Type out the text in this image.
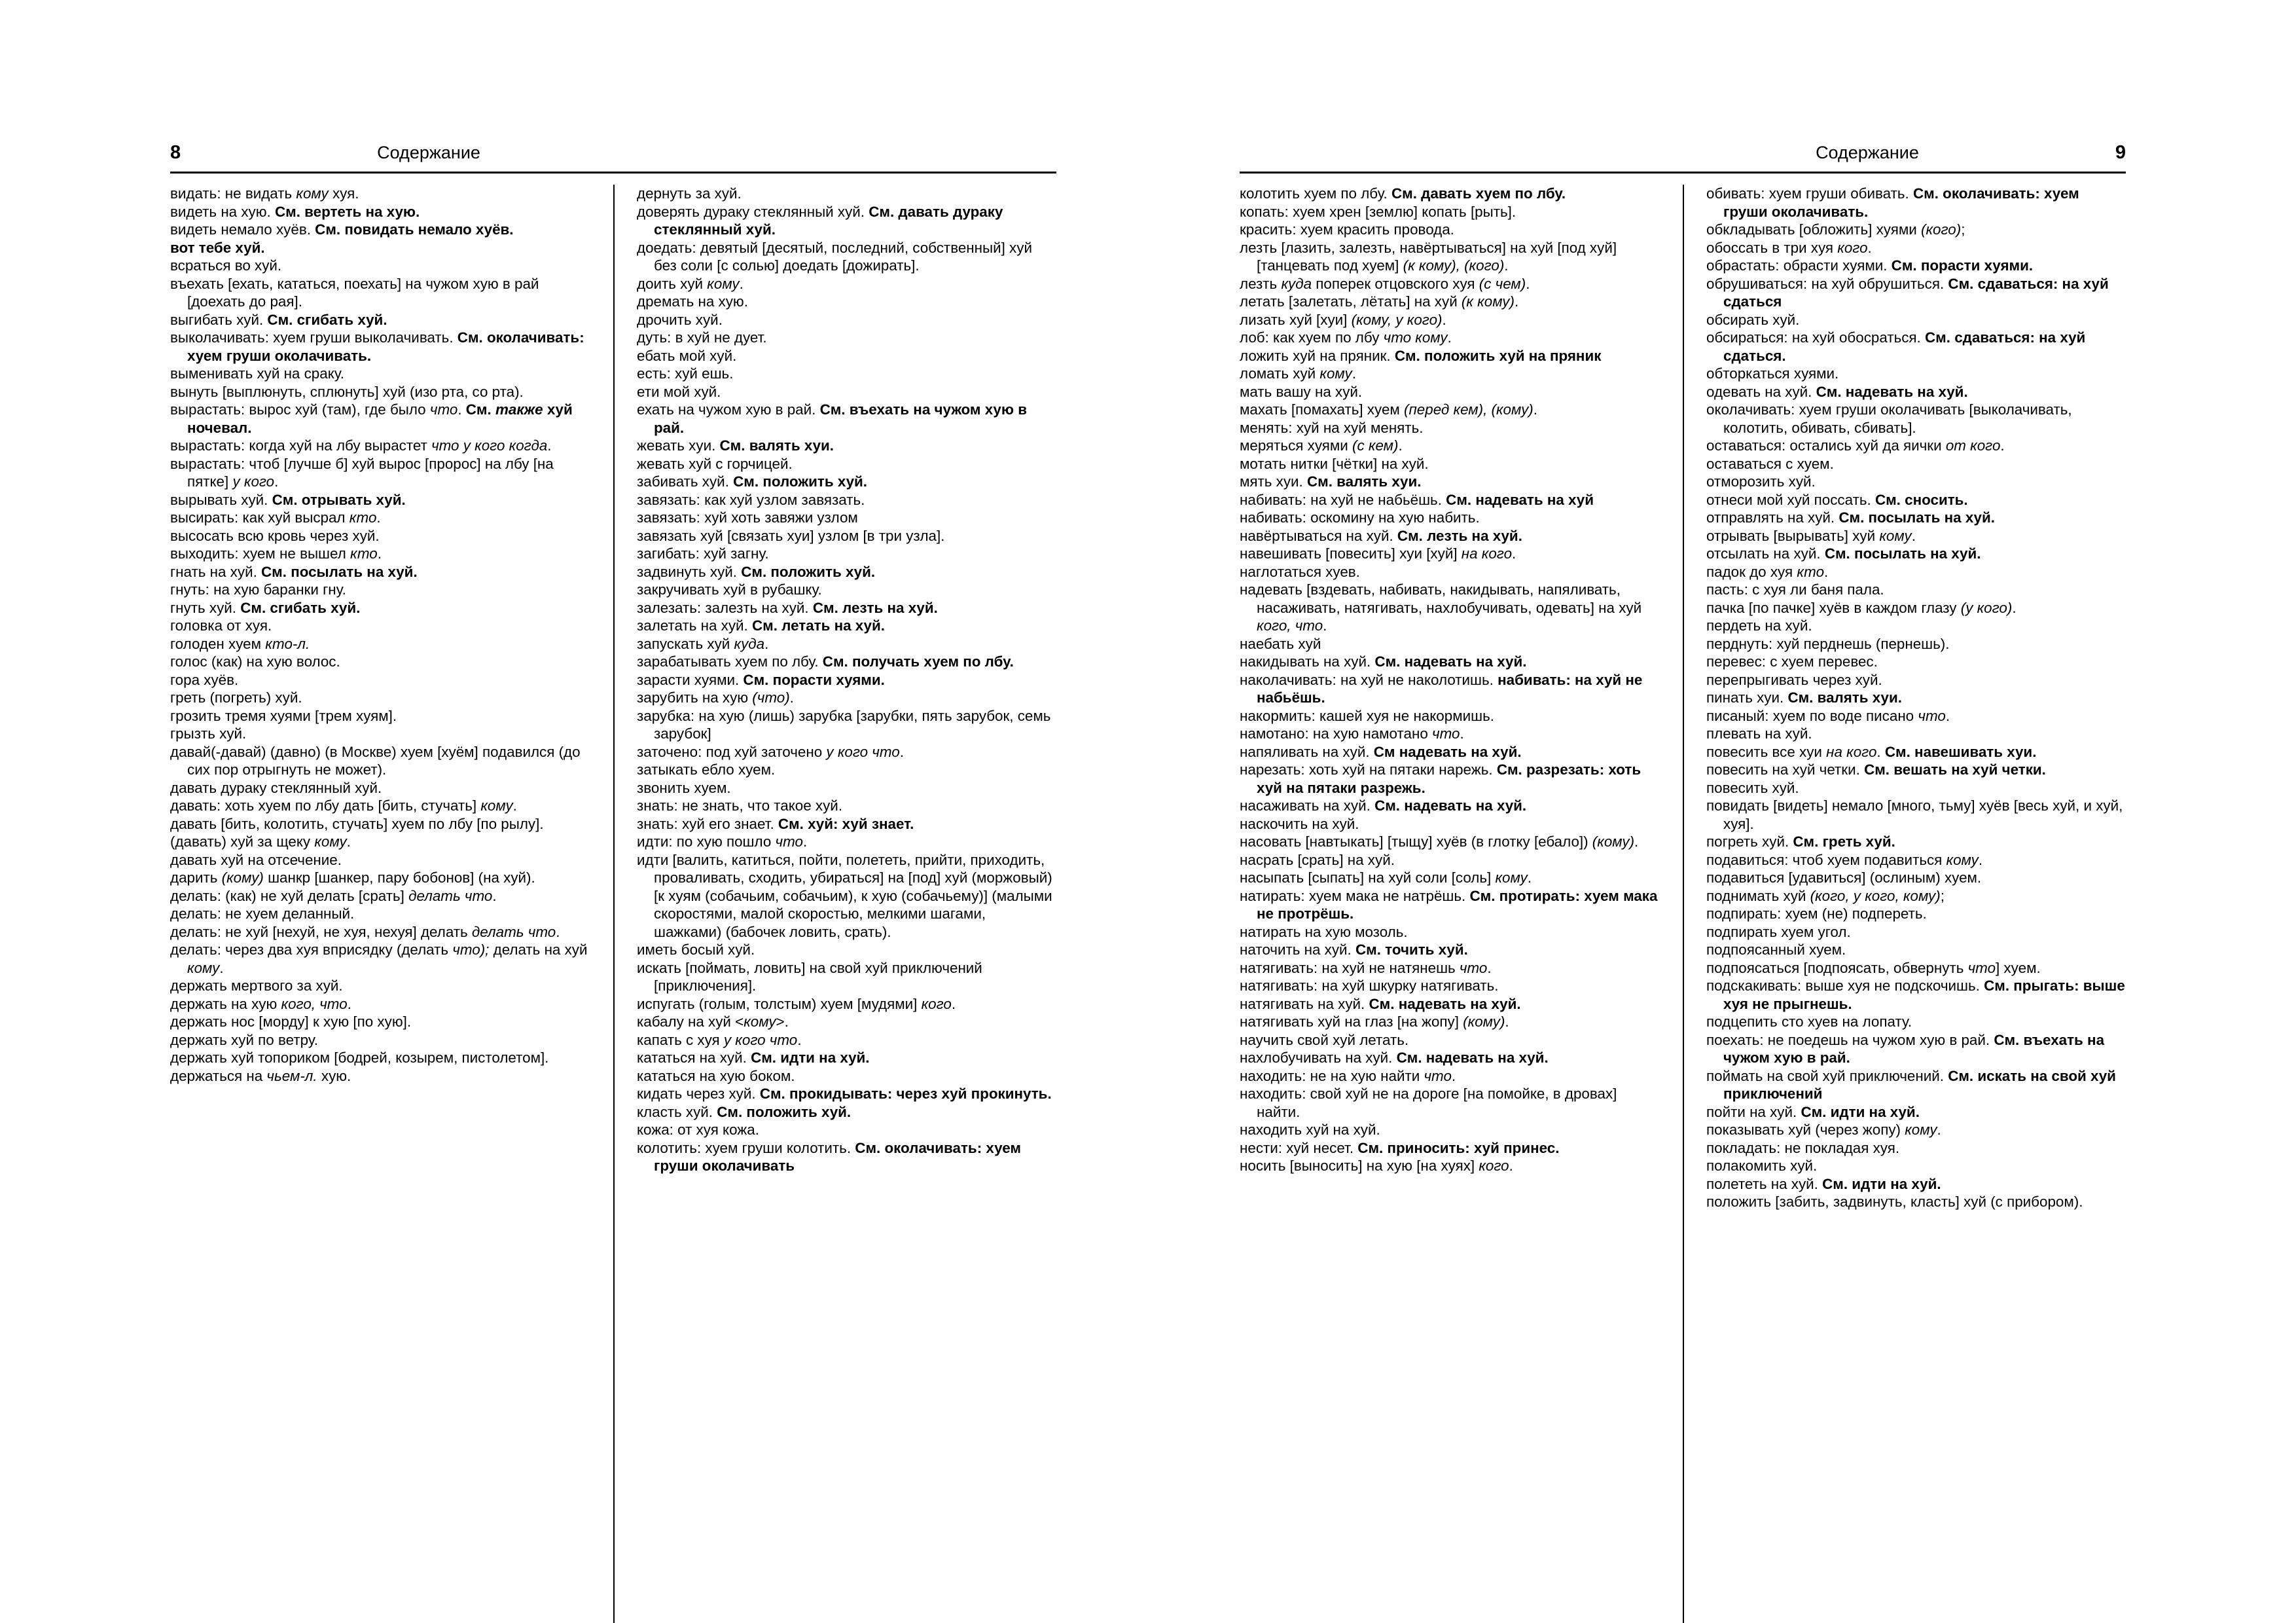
8	Содержание

видать: не видать кому хуя.

видеть на хую. См. вертеть на хую.

видеть немало хуёв. См. повидать немало хуёв.

вот тебе хуй.

всраться во хуй.

въехать [ехать, кататься, поехать] на чужом хую в рай [доехать до рая].

выгибать хуй. См. сгибать хуй.

выколачивать: хуем груши выколачивать. См. околачивать: хуем груши околачивать.

выменивать хуй на сраку.

вынуть [выплюнуть, сплюнуть] хуй (изо рта, со рта).

вырастать: вырос хуй (там), где было что. См. также хуй ночевал.

вырастать: когда хуй на лбу вырастет что у кого когда.

вырастать: чтоб [лучше б] хуй вырос [пророс] на лбу [на пятке] у кого.

вырывать хуй. См. отрывать хуй.

высирать: как хуй высрал кто.

высосать всю кровь через хуй.

выходить: хуем не вышел кто.

гнать на хуй. См. посылать на хуй.

гнуть: на хую баранки гну.

гнуть хуй. См. сгибать хуй.

головка от хуя.

голоден хуем кто-л.

голос (как) на хую волос.

гора хуёв.

греть (погреть) хуй.

грозить тремя хуями [трем хуям].

грызть хуй.

давай(-давай) (давно) (в Москве) хуем [хуём] подавился (до сих пор отрыгнуть не может).

давать дураку стеклянный хуй.

давать: хоть хуем по лбу дать [бить, стучать] кому.

давать [бить, колотить, стучать] хуем по лбу [по рылу].

(давать) хуй за щеку кому.

давать хуй на отсечение.

дарить (кому) шанкр [шанкер, пару бобонов] (на хуй).

делать: (как) не хуй делать [срать] делать что.

делать: не хуем деланный.

делать: не хуй [нехуй, не хуя, нехуя] делать делать что.

делать: через два хуя вприсядку (делать что); делать на хуй кому.

держать мертвого за хуй.

держать на хую кого, что.

держать нос [морду] к хую [по хую].

держать хуй по ветру.

держать хуй топориком [бодрей, козырем, пистолетом].

держаться на чьем-л. хую.

дернуть за хуй.

доверять дураку стеклянный хуй. См. давать дураку стеклянный хуй.

доедать: девятый [десятый, последний, собственный] хуй без соли [с солью] доедать [дожирать].

доить хуй кому.

дремать на хую.

дрочить хуй.

дуть: в хуй не дует.

ебать мой хуй.

есть: хуй ешь.

ети мой хуй.

ехать на чужом хую в рай. См. въехать на чужом хую в рай.

жевать хуи. См. валять хуи.

жевать хуй с горчицей.

забивать хуй. См. положить хуй.

завязать: как хуй узлом завязать.

завязать: хуй хоть завяжи узлом

завязать хуй [связать хуи] узлом [в три узла].

загибать: хуй загну.

задвинуть хуй. См. положить хуй.

закручивать хуй в рубашку.

залезать: залезть на хуй. См. лезть на хуй.

залетать на хуй. См. летать на хуй.

запускать хуй куда.

зарабатывать хуем по лбу. См. получать хуем по лбу.

зарасти хуями. См. порасти хуями.

зарубить на хую (что).

зарубка: на хую (лишь) зарубка [зарубки, пять зарубок, семь зарубок]

заточено: под хуй заточено у кого что.

затыкать ебло хуем.

звонить хуем.

знать: не знать, что такое хуй.

знать: хуй его знает. См. хуй: хуй знает.

идти: по хую пошло что.

идти [валить, катиться, пойти, полететь, прийти, приходить, проваливать, сходить, убираться] на [под] хуй (моржовый) [к хуям (собачьим, собачьим), к хую (собачьему)] (малыми скоростями, малой скоростью, мелкими шагами, шажками) (бабочек ловить, срать).

иметь босый хуй.

искать [поймать, ловить] на свой хуй приключений [приключения].

испугать (голым, толстым) хуем [мудями] кого.

кабалу на хуй <кому>.

капать с хуя у кого что.

кататься на хуй. См. идти на хуй.

кататься на хую боком.

кидать через хуй. См. прокидывать: через хуй прокинуть.

класть хуй. См. положить хуй.

кожа: от хуя кожа.

колотить: хуем груши колотить. См. околачивать: хуем груши околачивать

Содержание	9

колотить хуем по лбу. См. давать хуем по лбу.

копать: хуем хрен [землю] копать [рыть].

красить: хуем красить провода.

лезть [лазить, залезть, навёртываться] на хуй [под хуй] [танцевать под хуем] (к кому), (кого).

лезть куда поперек отцовского хуя (с чем).

летать [залетать, лётать] на хуй (к кому).

лизать хуй [хуи] (кому, у кого).

лоб: как хуем по лбу что кому.

ложить хуй на пряник. См. положить хуй на пряник

ломать хуй кому.

мать вашу на хуй.

махать [помахать] хуем (перед кем), (кому).

менять: хуй на хуй менять.

меряться хуями (с кем).

мотать нитки [чётки] на хуй.

мять хуи. См. валять хуи.

набивать: на хуй не набьёшь. См. надевать на хуй

набивать: оскомину на хую набить.

навёртываться на хуй. См. лезть на хуй.

навешивать [повесить] хуи [хуй] на кого.

наглотаться хуев.

надевать [вздевать, набивать, накидывать, напяливать, насаживать, натягивать, нахлобучивать, одевать] на хуй кого, что.

наебать хуй

накидывать на хуй. См. надевать на хуй.

наколачивать: на хуй не наколотишь. набивать: на хуй не набьёшь.

накормить: кашей хуя не накормишь.

намотано: на хую намотано что.

напяливать на хуй. См надевать на хуй.

нарезать: хоть хуй на пятаки нарежь. См. разрезать: хоть хуй на пятаки разрежь.

насаживать на хуй. См. надевать на хуй.

наскочить на хуй.

насовать [навтыкать] [тыщу] хуёв (в глотку [ебало]) (кому).

насрать [срать] на хуй.

насыпать [сыпать] на хуй соли [соль] кому.

натирать: хуем мака не натрёшь. См. протирать: хуем мака не протрёшь.

натирать на хую мозоль.

наточить на хуй. См. точить хуй.

натягивать: на хуй не натянешь что.

натягивать: на хуй шкурку натягивать.

натягивать на хуй. См. надевать на хуй.

натягивать хуй на глаз [на жопу] (кому).

научить свой хуй летать.

нахлобучивать на хуй. См. надевать на хуй.

находить: не на хую найти что.

находить: свой хуй не на дороге [на помойке, в дровах] найти.

находить хуй на хуй.

нести: хуй несет. См. приносить: хуй принес.

носить [выносить] на хую [на хуях] кого.

обивать: хуем груши обивать. См. околачивать: хуем груши околачивать.

обкладывать [обложить] хуями (кого);

обоссать в три хуя кого.

обрастать: обрасти хуями. См. порасти хуями.

обрушиваться: на хуй обрушиться. См. сдаваться: на хуй сдаться

обсирать хуй.

обсираться: на хуй обосраться. См. сдаваться: на хуй сдаться.

обторкаться хуями.

одевать на хуй. См. надевать на хуй.

околачивать: хуем груши околачивать [выколачивать, колотить, обивать, сбивать].

оставаться: остались хуй да яички от кого.

оставаться с хуем.

отморозить хуй.

отнеси мой хуй поссать. См. сносить.

отправлять на хуй. См. посылать на хуй.

отрывать [вырывать] хуй кому.

отсылать на хуй. См. посылать на хуй.

падок до хуя кто.

пасть: с хуя ли баня пала.

пачка [по пачке] хуёв в каждом глазу (у кого).

пердеть на хуй.

перднуть: хуй перднешь (пернешь).

перевес: с хуем перевес.

перепрыгивать через хуй.

пинать хуи. См. валять хуи.

писаный: хуем по воде писано что.

плевать на хуй.

повесить все хуи на кого. См. навешивать хуи.

повесить на хуй четки. См. вешать на хуй четки.

повесить хуй.

повидать [видеть] немало [много, тьму] хуёв [весь хуй, и хуй, хуя].

погреть хуй. См. греть хуй.

подавиться: чтоб хуем подавиться кому.

подавиться [удавиться] (ослиным) хуем.

поднимать хуй (кого, у кого, кому);

подпирать: хуем (не) подпереть.

подпирать хуем угол.

подпоясанный хуем.

подпоясаться [подпоясать, обвернуть что] хуем.

подскакивать: выше хуя не подскочишь. См. прыгать: выше хуя не прыгнешь.

подцепить сто хуев на лопату.

поехать: не поедешь на чужом хую в рай. См. въехать на чужом хую в рай.

поймать на свой хуй приключений. См. искать на свой хуй приключений

пойти на хуй. См. идти на хуй.

показывать хуй (через жопу) кому.

покладать: не покладая хуя.

полакомить хуй.

полететь на хуй. См. идти на хуй.

положить [забить, задвинуть, класть] хуй (с прибором).
